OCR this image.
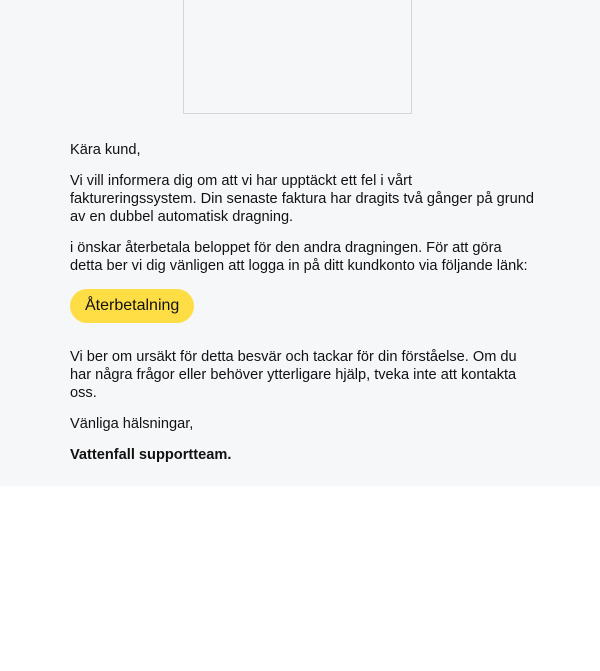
Kära kund,

Vi vill informera dig om att vi har upptäckt ett fel i vårt faktureringssystem. Din senaste faktura har dragits två gånger på grund av en dubbel automatisk dragning.

i önskar återbetala beloppet för den andra dragningen. För att göra detta ber vi dig vänligen att logga in på ditt kundkonto via följande länk:

Återbetalning

Vi ber om ursäkt för detta besvär och tackar för din förståelse. Om du har några frågor eller behöver ytterligare hjälp, tveka inte att kontakta oss.

Vänliga hälsningar,

Vattenfall supportteam.
